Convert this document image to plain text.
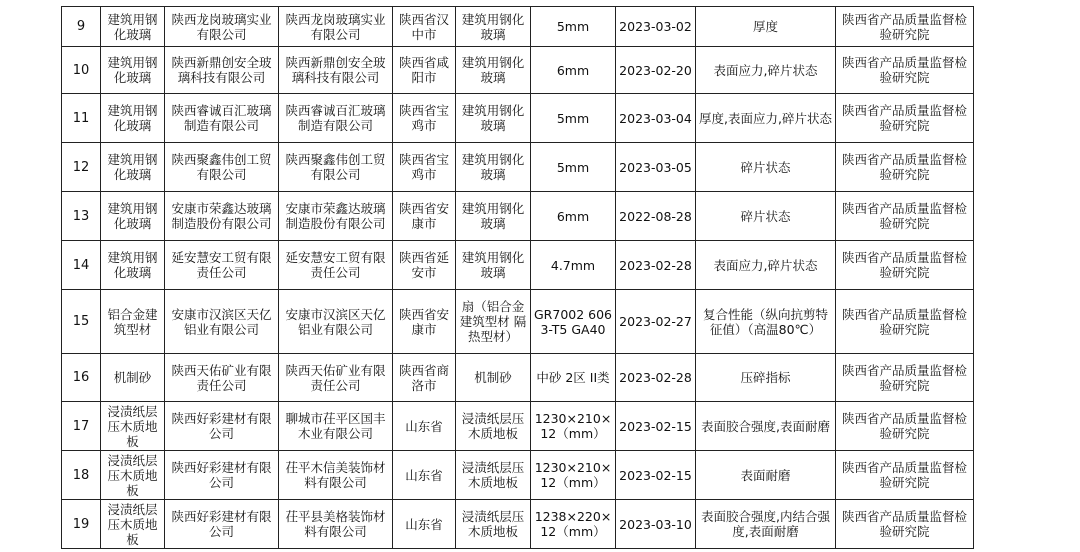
9	建筑用钢化玻璃	陕西龙岗玻璃实业有限公司	陕西龙岗玻璃实业有限公司	陕西省汉中市	建筑用钢化玻璃	5mm	2023-03-02	厚度	陕西省产品质量监督检验研究院
10	建筑用钢化玻璃	陕西新鼎创安全玻璃科技有限公司	陕西新鼎创安全玻璃科技有限公司	陕西省咸阳市	建筑用钢化玻璃	6mm	2023-02-20	表面应力,碎片状态	陕西省产品质量监督检验研究院
11	建筑用钢化玻璃	陕西睿诚百汇玻璃制造有限公司	陕西睿诚百汇玻璃制造有限公司	陕西省宝鸡市	建筑用钢化玻璃	5mm	2023-03-04	厚度,表面应力,碎片状态	陕西省产品质量监督检验研究院
12	建筑用钢化玻璃	陕西聚鑫伟创工贸有限公司	陕西聚鑫伟创工贸有限公司	陕西省宝鸡市	建筑用钢化玻璃	5mm	2023-03-05	碎片状态	陕西省产品质量监督检验研究院
13	建筑用钢化玻璃	安康市荣鑫达玻璃制造股份有限公司	安康市荣鑫达玻璃制造股份有限公司	陕西省安康市	建筑用钢化玻璃	6mm	2022-08-28	碎片状态	陕西省产品质量监督检验研究院
14	建筑用钢化玻璃	延安慧安工贸有限责任公司	延安慧安工贸有限责任公司	陕西省延安市	建筑用钢化玻璃	4.7mm	2023-02-28	表面应力,碎片状态	陕西省产品质量监督检验研究院
15	铝合金建筑型材	安康市汉滨区天亿铝业有限公司	安康市汉滨区天亿铝业有限公司	陕西省安康市	扇（铝合金建筑型材 隔热型材）	GR7002 6063-T5 GA40	2023-02-27	复合性能（纵向抗剪特征值）（高温80℃）	陕西省产品质量监督检验研究院
16	机制砂	陕西天佑矿业有限责任公司	陕西天佑矿业有限责任公司	陕西省商洛市	机制砂	中砂 2区 II类	2023-02-28	压碎指标	陕西省产品质量监督检验研究院
17	浸渍纸层压木质地板	陕西好彩建材有限公司	聊城市茌平区国丰木业有限公司	山东省	浸渍纸层压木质地板	1230×210×12（mm）	2023-02-15	表面胶合强度,表面耐磨	陕西省产品质量监督检验研究院
18	浸渍纸层压木质地板	陕西好彩建材有限公司	茌平木信美装饰材料有限公司	山东省	浸渍纸层压木质地板	1230×210×12（mm）	2023-02-15	表面耐磨	陕西省产品质量监督检验研究院
19	浸渍纸层压木质地板	陕西好彩建材有限公司	茌平县美格装饰材料有限公司	山东省	浸渍纸层压木质地板	1238×220×12（mm）	2023-03-10	表面胶合强度,内结合强度,表面耐磨	陕西省产品质量监督检验研究院
